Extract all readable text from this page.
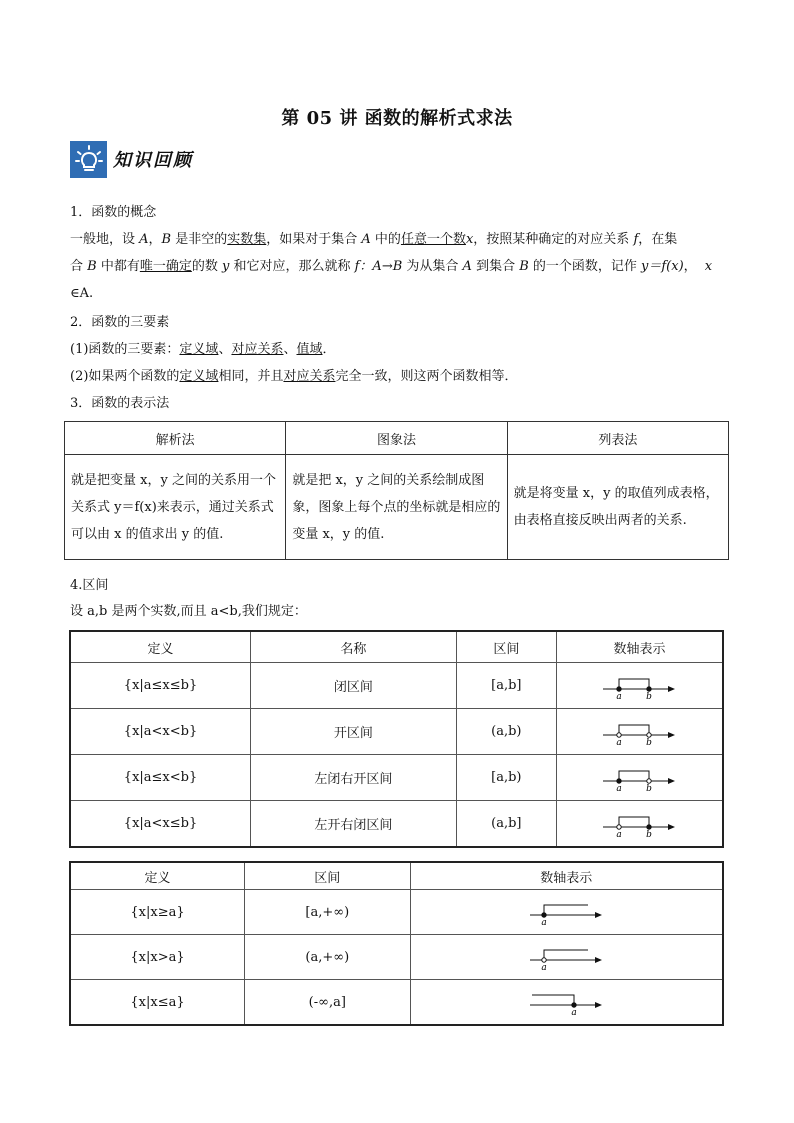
第 05 讲 函数的解析式求法
知识回顾
1．函数的概念
一般地，设 A，B 是非空的实数集，如果对于集合 A 中的任意一个数x，按照某种确定的对应关系 f，在集
合 B 中都有唯一确定的数 y 和它对应，那么就称 f：A→B 为从集合 A 到集合 B 的一个函数，记作 y＝f(x)， x
∈A.
2．函数的三要素
(1)函数的三要素：定义域、对应关系、值域．
(2)如果两个函数的定义域相同，并且对应关系完全一致，则这两个函数相等．
3．函数的表示法
解析法	图象法	列表法
就是把变量 x，y 之间的关系用一个关系式 y＝f(x)来表示，通过关系式可以由 x 的值求出 y 的值.	就是把 x，y 之间的关系绘制成图象，图象上每个点的坐标就是相应的变量 x，y 的值.	就是将变量 x，y 的取值列成表格，由表格直接反映出两者的关系.
4.区间
设 a,b 是两个实数,而且 a<b,我们规定：
定义	名称	区间	数轴表示
{x|a≤x≤b}	闭区间	[a,b]	a b

{x|a<x<b}	开区间	(a,b)	a b

{x|a≤x<b}	左闭右开区间	[a,b)	a b

{x|a<x≤b}	左开右闭区间	(a,b]	a b
定义	区间	数轴表示
{x|x≥a}	[a,+∞)	a

{x|x>a}	(a,+∞)	a

{x|x≤a}	(-∞,a]	a
